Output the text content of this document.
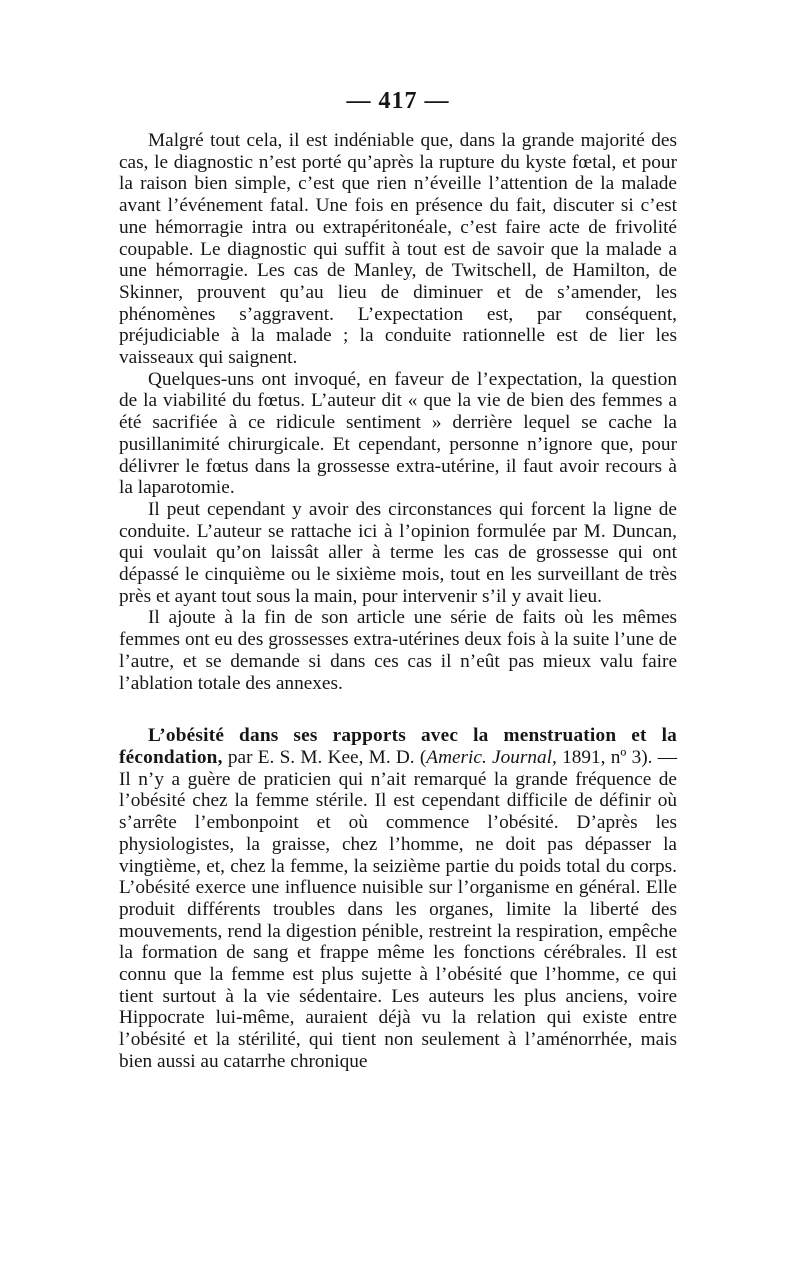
— 417 —

Malgré tout cela, il est indéniable que, dans la grande majorité des cas, le diagnostic n’est porté qu’après la rupture du kyste fœtal, et pour la raison bien simple, c’est que rien n’éveille l’attention de la malade avant l’événement fatal. Une fois en présence du fait, discuter si c’est une hémorragie intra ou extrapéritonéale, c’est faire acte de frivolité coupable. Le diagnostic qui suffit à tout est de savoir que la malade a une hémorragie. Les cas de Manley, de Twitschell, de Hamilton, de Skinner, prouvent qu’au lieu de diminuer et de s’amender, les phénomènes s’aggravent. L’expectation est, par conséquent, préjudiciable à la malade ; la conduite rationnelle est de lier les vaisseaux qui saignent.

Quelques-uns ont invoqué, en faveur de l’expectation, la question de la viabilité du fœtus. L’auteur dit « que la vie de bien des femmes a été sacrifiée à ce ridicule sentiment » derrière lequel se cache la pusillanimité chirurgicale. Et cependant, personne n’ignore que, pour délivrer le fœtus dans la grossesse extra-utérine, il faut avoir recours à la laparotomie.

Il peut cependant y avoir des circonstances qui forcent la ligne de conduite. L’auteur se rattache ici à l’opinion formulée par M. Duncan, qui voulait qu’on laissât aller à terme les cas de grossesse qui ont dépassé le cinquième ou le sixième mois, tout en les surveillant de très près et ayant tout sous la main, pour intervenir s’il y avait lieu.

Il ajoute à la fin de son article une série de faits où les mêmes femmes ont eu des grossesses extra-utérines deux fois à la suite l’une de l’autre, et se demande si dans ces cas il n’eût pas mieux valu faire l’ablation totale des annexes.

L’obésité dans ses rapports avec la menstruation et la fécondation, par E. S. M. Kee, M. D. (Americ. Journal, 1891, nº 3). — Il n’y a guère de praticien qui n’ait remarqué la grande fréquence de l’obésité chez la femme stérile. Il est cependant difficile de définir où s’arrête l’embonpoint et où commence l’obésité. D’après les physiologistes, la graisse, chez l’homme, ne doit pas dépasser la vingtième, et, chez la femme, la seizième partie du poids total du corps. L’obésité exerce une influence nuisible sur l’organisme en général. Elle produit différents troubles dans les organes, limite la liberté des mouvements, rend la digestion pénible, restreint la respiration, empêche la formation de sang et frappe même les fonctions cérébrales. Il est connu que la femme est plus sujette à l’obésité que l’homme, ce qui tient surtout à la vie sédentaire. Les auteurs les plus anciens, voire Hippocrate lui-même, auraient déjà vu la relation qui existe entre l’obésité et la stérilité, qui tient non seulement à l’aménorrhée, mais bien aussi au catarrhe chronique
